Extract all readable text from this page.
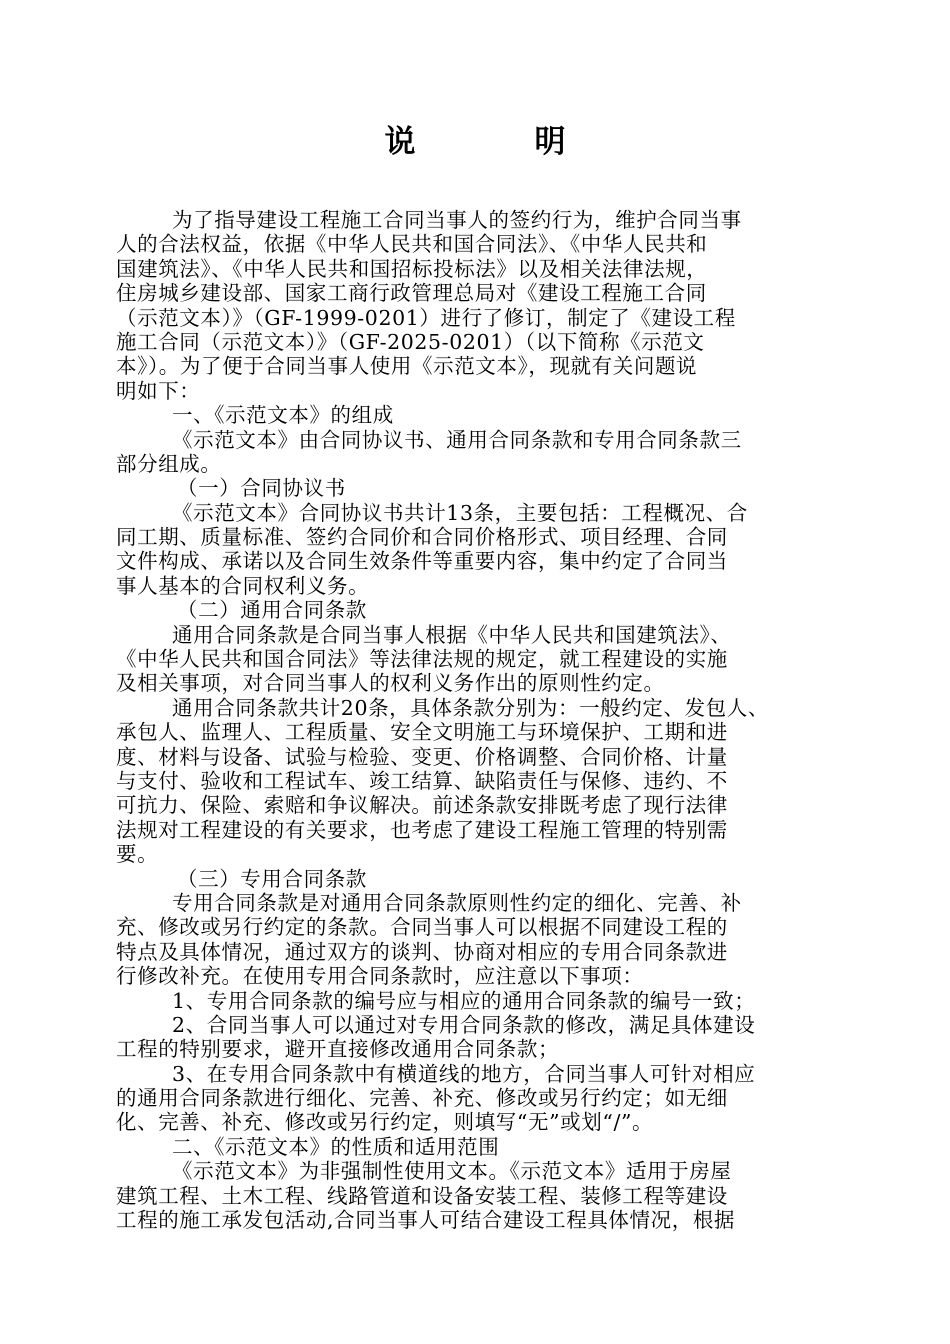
说　明
为了指导建设工程施工合同当事人的签约行为，维护合同当事
人的合法权益，依据《中华人民共和国合同法》、《中华人民共和
国建筑法》、《中华人民共和国招标投标法》以及相关法律法规，
住房城乡建设部、国家工商行政管理总局对《建设工程施工合同
（示范文本）》（GF-1999-0201）进行了修订，制定了《建设工程
施工合同（示范文本）》（GF-2025-0201）（以下简称《示范文
本》）。为了便于合同当事人使用《示范文本》，现就有关问题说
明如下：
一、《示范文本》的组成
《示范文本》由合同协议书、通用合同条款和专用合同条款三
部分组成。
（一）合同协议书
《示范文本》合同协议书共计13条，主要包括：工程概况、合
同工期、质量标准、签约合同价和合同价格形式、项目经理、合同
文件构成、承诺以及合同生效条件等重要内容，集中约定了合同当
事人基本的合同权利义务。
（二）通用合同条款
通用合同条款是合同当事人根据《中华人民共和国建筑法》、
《中华人民共和国合同法》等法律法规的规定，就工程建设的实施
及相关事项，对合同当事人的权利义务作出的原则性约定。
通用合同条款共计20条，具体条款分别为：一般约定、发包人、
承包人、监理人、工程质量、安全文明施工与环境保护、工期和进
度、材料与设备、试验与检验、变更、价格调整、合同价格、计量
与支付、验收和工程试车、竣工结算、缺陷责任与保修、违约、不
可抗力、保险、索赔和争议解决。前述条款安排既考虑了现行法律
法规对工程建设的有关要求，也考虑了建设工程施工管理的特别需
要。
（三）专用合同条款
专用合同条款是对通用合同条款原则性约定的细化、完善、补
充、修改或另行约定的条款。合同当事人可以根据不同建设工程的
特点及具体情况，通过双方的谈判、协商对相应的专用合同条款进
行修改补充。在使用专用合同条款时，应注意以下事项：
1、专用合同条款的编号应与相应的通用合同条款的编号一致；
2、合同当事人可以通过对专用合同条款的修改，满足具体建设
工程的特别要求，避开直接修改通用合同条款；
3、在专用合同条款中有横道线的地方，合同当事人可针对相应
的通用合同条款进行细化、完善、补充、修改或另行约定；如无细
化、完善、补充、修改或另行约定，则填写“无”或划“/”。
二、《示范文本》的性质和适用范围
《示范文本》为非强制性使用文本。《示范文本》适用于房屋
建筑工程、土木工程、线路管道和设备安装工程、装修工程等建设
工程的施工承发包活动,合同当事人可结合建设工程具体情况，根据
